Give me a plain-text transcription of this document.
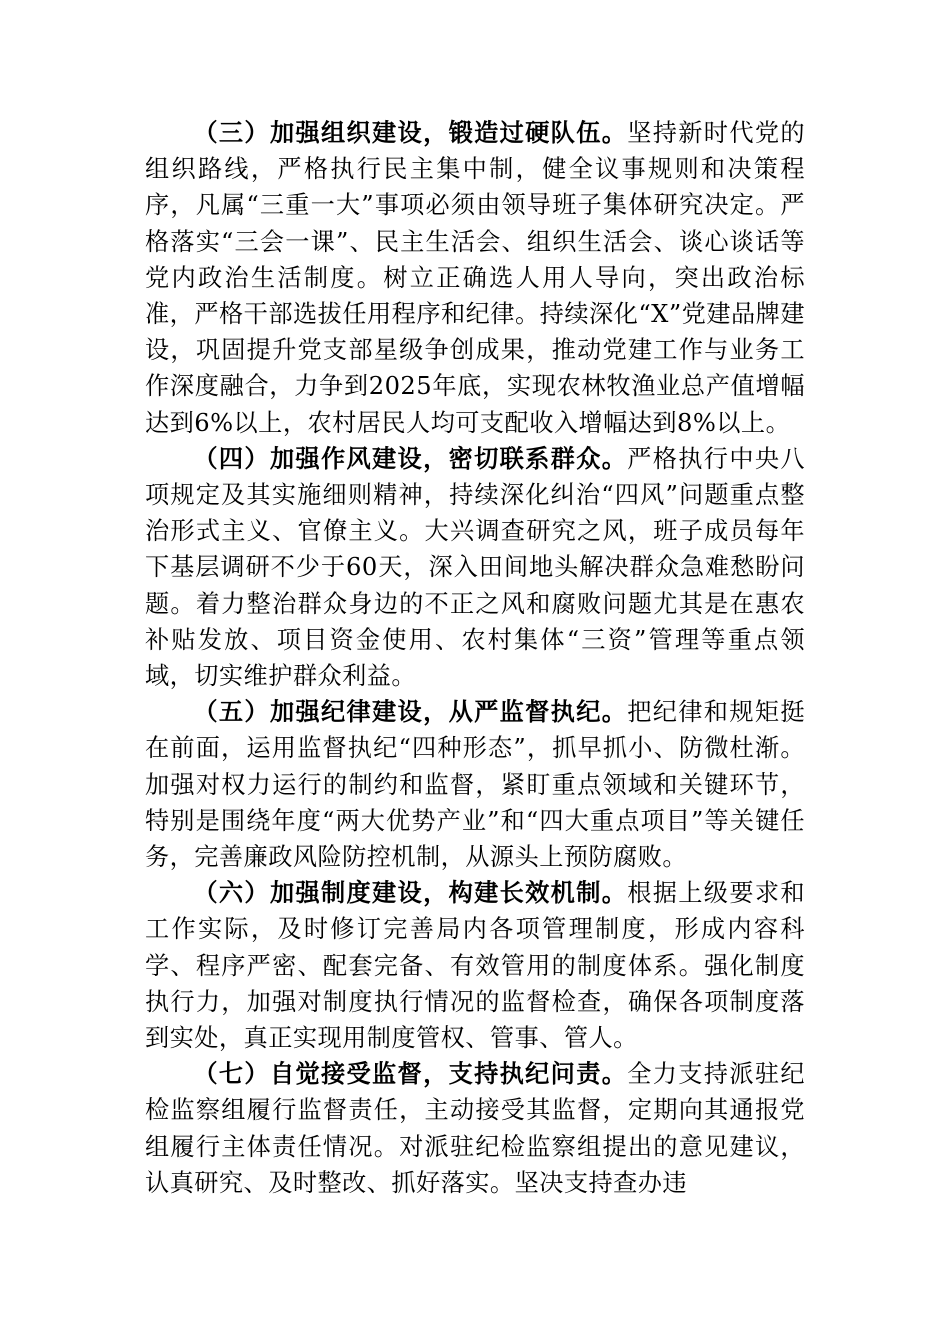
（三）加强组织建设，锻造过硬队伍。坚持新时代党的组织路线，严格执行民主集中制，健全议事规则和决策程序，凡属“三重一大”事项必须由领导班子集体研究决定。严格落实“三会一课”、民主生活会、组织生活会、谈心谈话等党内政治生活制度。树立正确选人用人导向，突出政治标准，严格干部选拔任用程序和纪律。持续深化“X”党建品牌建设，巩固提升党支部星级争创成果，推动党建工作与业务工作深度融合，力争到2025年底，实现农林牧渔业总产值增幅达到6%以上，农村居民人均可支配收入增幅达到8%以上。

（四）加强作风建设，密切联系群众。严格执行中央八项规定及其实施细则精神，持续深化纠治“四风”问题重点整治形式主义、官僚主义。大兴调查研究之风，班子成员每年下基层调研不少于60天，深入田间地头解决群众急难愁盼问题。着力整治群众身边的不正之风和腐败问题尤其是在惠农补贴发放、项目资金使用、农村集体“三资”管理等重点领域，切实维护群众利益。

（五）加强纪律建设，从严监督执纪。把纪律和规矩挺在前面，运用监督执纪“四种形态”，抓早抓小、防微杜渐。加强对权力运行的制约和监督，紧盯重点领域和关键环节，特别是围绕年度“两大优势产业”和“四大重点项目”等关键任务，完善廉政风险防控机制，从源头上预防腐败。

（六）加强制度建设，构建长效机制。根据上级要求和工作实际，及时修订完善局内各项管理制度，形成内容科学、程序严密、配套完备、有效管用的制度体系。强化制度执行力，加强对制度执行情况的监督检查，确保各项制度落到实处，真正实现用制度管权、管事、管人。

（七）自觉接受监督，支持执纪问责。全力支持派驻纪检监察组履行监督责任，主动接受其监督，定期向其通报党组履行主体责任情况。对派驻纪检监察组提出的意见建议，认真研究、及时整改、抓好落实。坚决支持查办违
